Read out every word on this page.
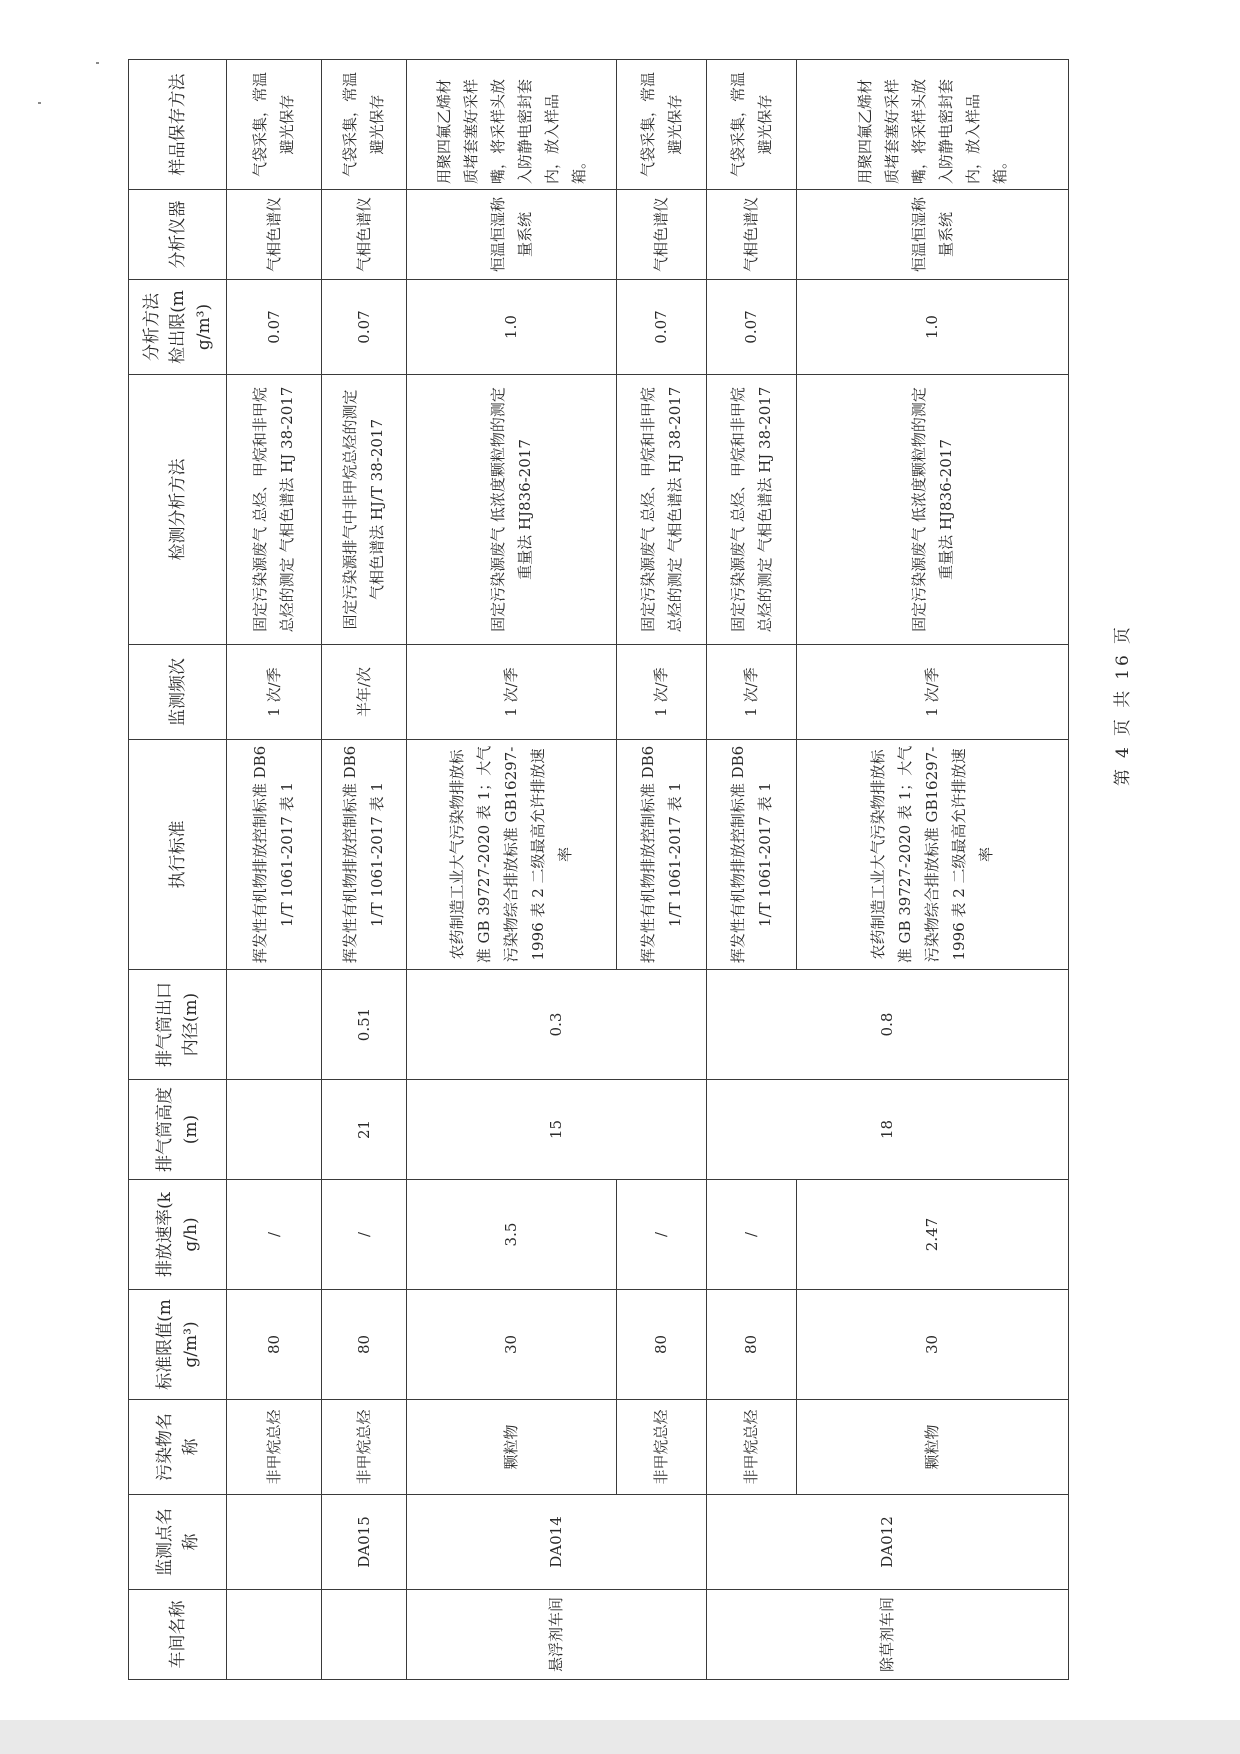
车间名称	监测点名称	污染物名称	标准限值(mg/m³)	排放速率(kg/h)	排气筒高度(m)	排气筒出口内径(m)	执行标准	监测频次	检测分析方法	分析方法检出限(mg/m³)	分析仪器	样品保存方法
		非甲烷总烃	80	/			挥发性有机物排放控制标准 DB61/T 1061-2017 表 1	1 次/季	固定污染源废气 总烃、甲烷和非甲烷总烃的测定 气相色谱法 HJ 38-2017	0.07	气相色谱仪	气袋采集，常温避光保存
	DA015	非甲烷总烃	80	/	21	0.51	挥发性有机物排放控制标准 DB61/T 1061-2017 表 1	半年/次	固定污染源排气中非甲烷总烃的测定 气相色谱法 HJ/T 38-2017	0.07	气相色谱仪	气袋采集，常温避光保存
悬浮剂车间	DA014	颗粒物	30	3.5	15	0.3	农药制造工业大气污染物排放标准 GB 39727-2020 表 1；大气污染物综合排放标准 GB16297-1996 表 2 二级最高允许排放速率	1 次/季	固定污染源废气 低浓度颗粒物的测定 重量法 HJ836-2017	1.0	恒温恒湿称量系统	用聚四氟乙烯材质堵套塞好采样嘴，将采样头放入防静电密封套内，放入样品箱。
		非甲烷总烃	80	/			挥发性有机物排放控制标准 DB61/T 1061-2017 表 1	1 次/季	固定污染源废气 总烃、甲烷和非甲烷总烃的测定 气相色谱法 HJ 38-2017	0.07	气相色谱仪	气袋采集，常温避光保存
除草剂车间	DA012	非甲烷总烃	80	/	18	0.8	挥发性有机物排放控制标准 DB61/T 1061-2017 表 1	1 次/季	固定污染源废气 总烃、甲烷和非甲烷总烃的测定 气相色谱法 HJ 38-2017	0.07	气相色谱仪	气袋采集，常温避光保存
		颗粒物	30	2.47			农药制造工业大气污染物排放标准 GB 39727-2020 表 1；大气污染物综合排放标准 GB16297-1996 表 2 二级最高允许排放速率	1 次/季	固定污染源废气 低浓度颗粒物的测定 重量法 HJ836-2017	1.0	恒温恒湿称量系统	用聚四氟乙烯材质堵套塞好采样嘴，将采样头放入防静电密封套内，放入样品箱。
第4页 共16页
